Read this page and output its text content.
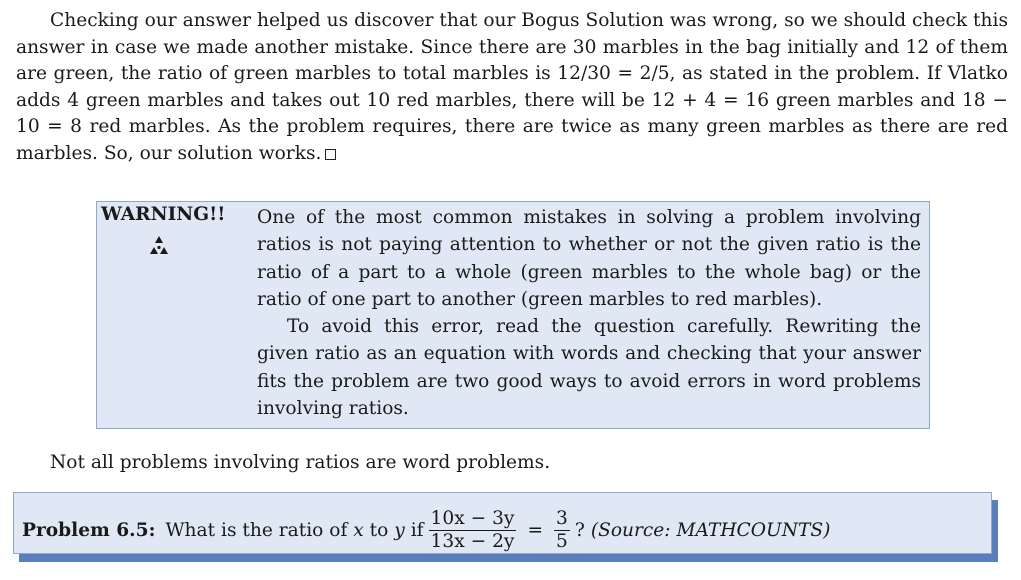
Checking our answer helped us discover that our Bogus Solution was wrong, so we should check this answer in case we made another mistake. Since there are 30 marbles in the bag initially and 12 of them are green, the ratio of green marbles to total marbles is 12/30 = 2/5, as stated in the problem. If Vlatko adds 4 green marbles and takes out 10 red marbles, there will be 12 + 4 = 16 green marbles and 18 − 10 = 8 red marbles. As the problem requires, there are twice as many green marbles as there are red marbles. So, our solution works.
WARNING!! One of the most common mistakes in solving a problem involving ratios is not paying attention to whether or not the given ratio is the ratio of a part to a whole (green marbles to the whole bag) or the ratio of one part to another (green marbles to red marbles).

To avoid this error, read the question carefully. Rewriting the given ratio as an equation with words and checking that your answer fits the problem are two good ways to avoid errors in word problems involving ratios.

Not all problems involving ratios are word problems.
Problem 6.5: What is the ratio of
x
to
y
if $\frac{10x - 3y}{13x - 2y} = \frac{3}{5}$ ? (Source: MATHCOUNTS)
